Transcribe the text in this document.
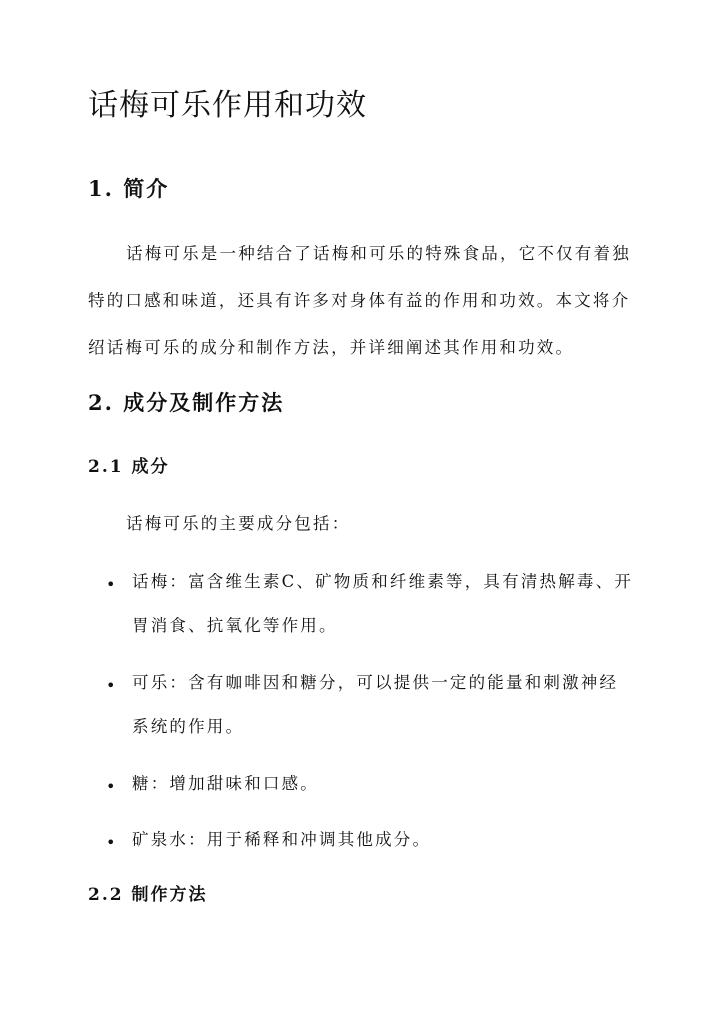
话梅可乐作用和功效
1. 简介
话梅可乐是一种结合了话梅和可乐的特殊食品，它不仅有着独
特的口感和味道，还具有许多对身体有益的作用和功效。本文将介
绍话梅可乐的成分和制作方法，并详细阐述其作用和功效。
2. 成分及制作方法
2.1 成分
话梅可乐的主要成分包括：
• 话梅：富含维生素C、矿物质和纤维素等，具有清热解毒、开
胃消食、抗氧化等作用。
• 可乐：含有咖啡因和糖分，可以提供一定的能量和刺激神经
系统的作用。
• 糖：增加甜味和口感。
• 矿泉水：用于稀释和冲调其他成分。
2.2 制作方法
